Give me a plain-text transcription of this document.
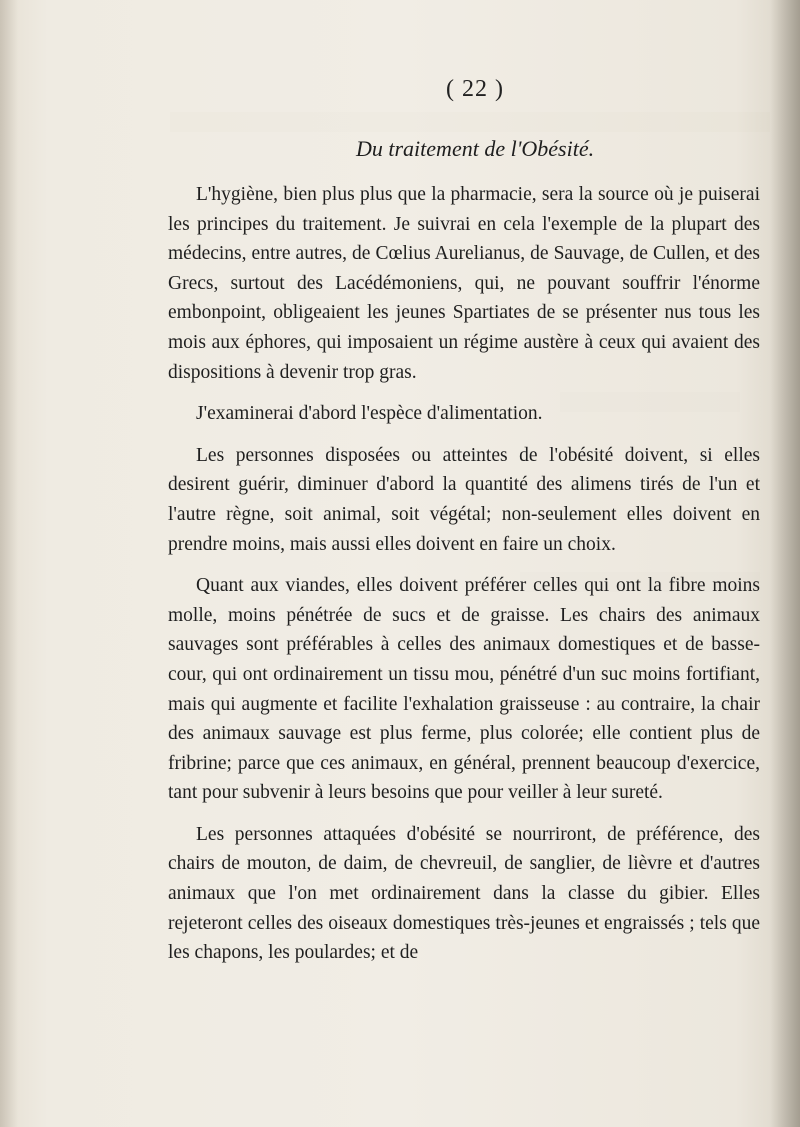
( 22 )
Du traitement de l'Obésité.

L'hygiène, bien plus plus que la pharmacie, sera la source où je puiserai les principes du traitement. Je suivrai en cela l'exemple de la plupart des médecins, entre autres, de Cœlius Aurelianus, de Sauvage, de Cullen, et des Grecs, surtout des Lacédémoniens, qui, ne pouvant souffrir l'énorme embonpoint, obligeaient les jeunes Spartiates de se présenter nus tous les mois aux éphores, qui imposaient un régime austère à ceux qui avaient des dispositions à devenir trop gras.

J'examinerai d'abord l'espèce d'alimentation.

Les personnes disposées ou atteintes de l'obésité doivent, si elles desirent guérir, diminuer d'abord la quantité des alimens tirés de l'un et l'autre règne, soit animal, soit végétal; non-seulement elles doivent en prendre moins, mais aussi elles doivent en faire un choix.

Quant aux viandes, elles doivent préférer celles qui ont la fibre moins molle, moins pénétrée de sucs et de graisse. Les chairs des animaux sauvages sont préférables à celles des animaux domestiques et de basse-cour, qui ont ordinairement un tissu mou, pénétré d'un suc moins fortifiant, mais qui augmente et facilite l'exhalation graisseuse : au contraire, la chair des animaux sauvage est plus ferme, plus colorée; elle contient plus de fribrine; parce que ces animaux, en général, prennent beaucoup d'exercice, tant pour subvenir à leurs besoins que pour veiller à leur sureté.

Les personnes attaquées d'obésité se nourriront, de préférence, des chairs de mouton, de daim, de chevreuil, de sanglier, de lièvre et d'autres animaux que l'on met ordinairement dans la classe du gibier. Elles rejeteront celles des oiseaux domestiques très-jeunes et engraissés ; tels que les chapons, les poulardes; et de
